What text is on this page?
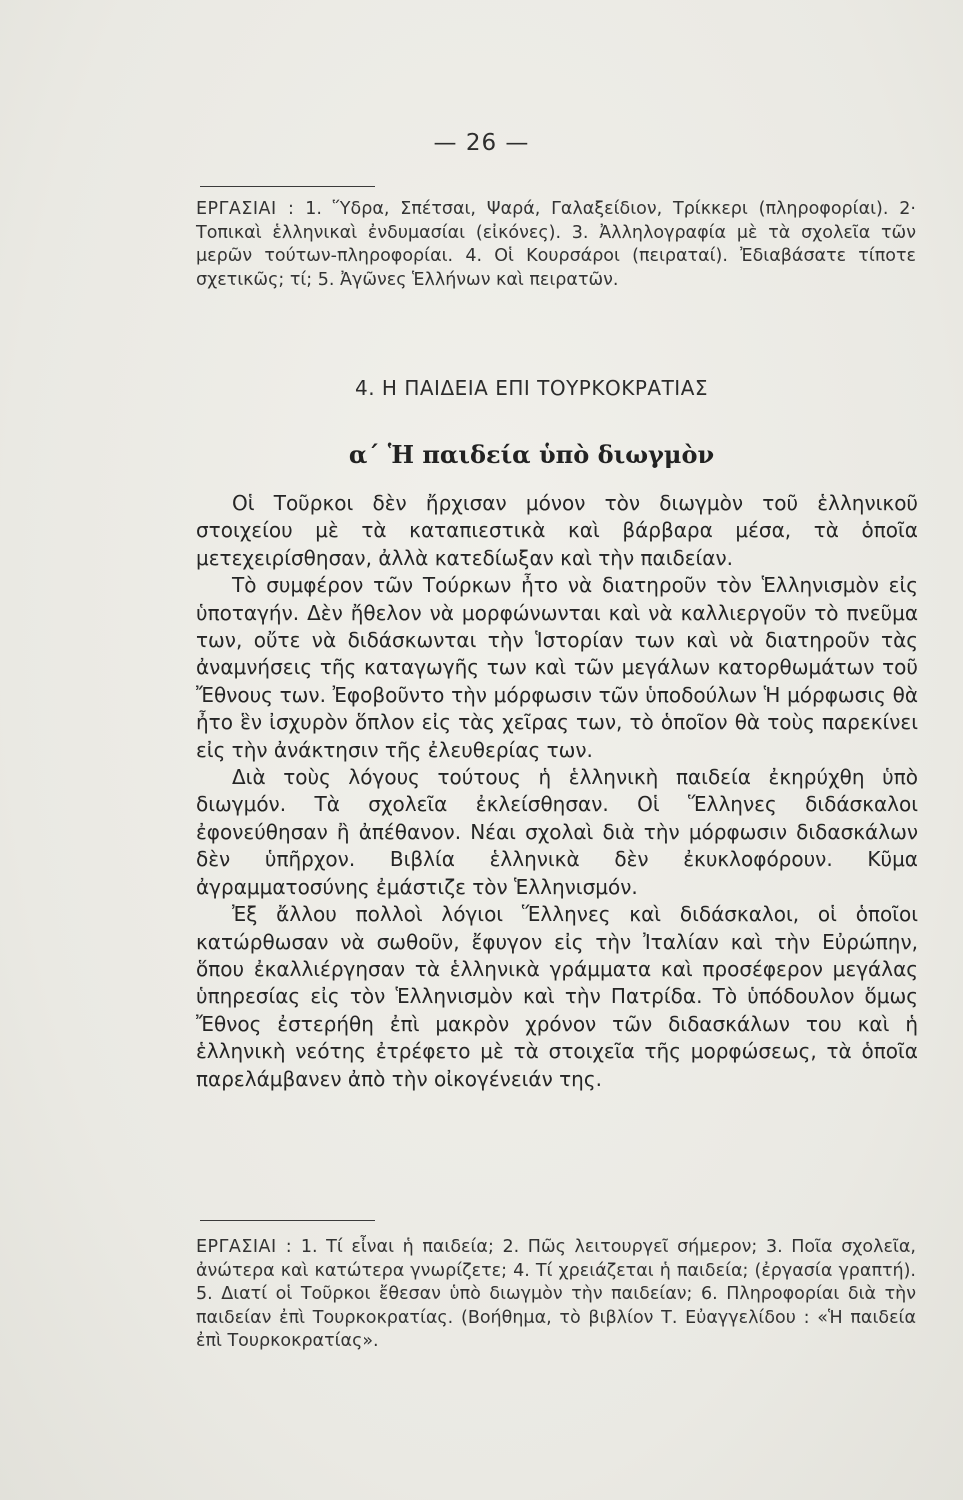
— 26 —

ΕΡΓΑΣΙΑΙ : 1. Ὕδρα, Σπέτσαι, Ψαρά, Γαλαξείδιον, Τρίκκερι (πληροφορίαι). 2· Τοπικαὶ ἑλληνικαὶ ἐνδυμασίαι (εἰκόνες). 3. Ἀλληλογραφία μὲ τὰ σχολεῖα τῶν μερῶν τούτων-πληροφορίαι. 4. Οἱ Κουρσάροι (πειραταί). Ἐδιαβάσατε τίποτε σχετικῶς; τί; 5. Ἀγῶνες Ἑλλήνων καὶ πειρατῶν.

4. Η ΠΑΙΔΕΙΑ ΕΠΙ ΤΟΥΡΚΟΚΡΑΤΙΑΣ
α´ Ἡ παιδεία ὑπὸ διωγμὸν

Οἱ Τοῦρκοι δὲν ἤρχισαν μόνον τὸν διωγμὸν τοῦ ἑλληνικοῦ στοιχείου μὲ τὰ καταπιεστικὰ καὶ βάρβαρα μέσα, τὰ ὁποῖα μετεχειρίσθησαν, ἀλλὰ κατεδίωξαν καὶ τὴν παιδείαν.

Τὸ συμφέρον τῶν Τούρκων ἦτο νὰ διατηροῦν τὸν Ἑλληνισμὸν εἰς ὑποταγήν. Δὲν ἤθελον νὰ μορφώνωνται καὶ νὰ καλλιεργοῦν τὸ πνεῦμα των, οὔτε νὰ διδάσκωνται τὴν Ἱστορίαν των καὶ νὰ διατηροῦν τὰς ἀναμνήσεις τῆς καταγωγῆς των καὶ τῶν μεγάλων κατορθωμάτων τοῦ Ἔθνους των. Ἐφοβοῦντο τὴν μόρφωσιν τῶν ὑποδούλων Ἡ μόρφωσις θὰ ἦτο ἓν ἰσχυρὸν ὅπλον εἰς τὰς χεῖρας των, τὸ ὁποῖον θὰ τοὺς παρεκίνει εἰς τὴν ἀνάκτησιν τῆς ἐλευθερίας των.

Διὰ τοὺς λόγους τούτους ἡ ἑλληνικὴ παιδεία ἐκηρύχθη ὑπὸ διωγμόν. Τὰ σχολεῖα ἐκλείσθησαν. Οἱ Ἕλληνες διδάσκαλοι ἐφονεύθησαν ἢ ἀπέθανον. Νέαι σχολαὶ διὰ τὴν μόρφωσιν διδασκάλων δὲν ὑπῆρχον. Βιβλία ἑλληνικὰ δὲν ἐκυκλοφόρουν. Κῦμα ἀγραμματοσύνης ἐμάστιζε τὸν Ἑλληνισμόν.

Ἐξ ἄλλου πολλοὶ λόγιοι Ἕλληνες καὶ διδάσκαλοι, οἱ ὁποῖοι κατώρθωσαν νὰ σωθοῦν, ἔφυγον εἰς τὴν Ἰταλίαν καὶ τὴν Εὐρώπην, ὅπου ἐκαλλιέργησαν τὰ ἑλληνικὰ γράμματα καὶ προσέφερον μεγάλας ὑπηρεσίας εἰς τὸν Ἑλληνισμὸν καὶ τὴν Πατρίδα. Τὸ ὑπόδουλον ὅμως Ἔθνος ἐστερήθη ἐπὶ μακρὸν χρόνον τῶν διδασκάλων του καὶ ἡ ἑλληνικὴ νεότης ἐτρέφετο μὲ τὰ στοιχεῖα τῆς μορφώσεως, τὰ ὁποῖα παρελάμβανεν ἀπὸ τὴν οἰκογένειάν της.

ΕΡΓΑΣΙΑΙ : 1. Τί εἶναι ἡ παιδεία; 2. Πῶς λειτουργεῖ σήμερον; 3. Ποῖα σχολεῖα, ἀνώτερα καὶ κατώτερα γνωρίζετε; 4. Τί χρειάζεται ἡ παιδεία; (ἐργασία γραπτή). 5. Διατί οἱ Τοῦρκοι ἔθεσαν ὑπὸ διωγμὸν τὴν παιδείαν; 6. Πληροφορίαι διὰ τὴν παιδείαν ἐπὶ Τουρκοκρατίας. (Βοήθημα, τὸ βιβλίον Τ. Εὐαγγελίδου : «Ἡ παιδεία ἐπὶ Τουρκοκρατίας».
